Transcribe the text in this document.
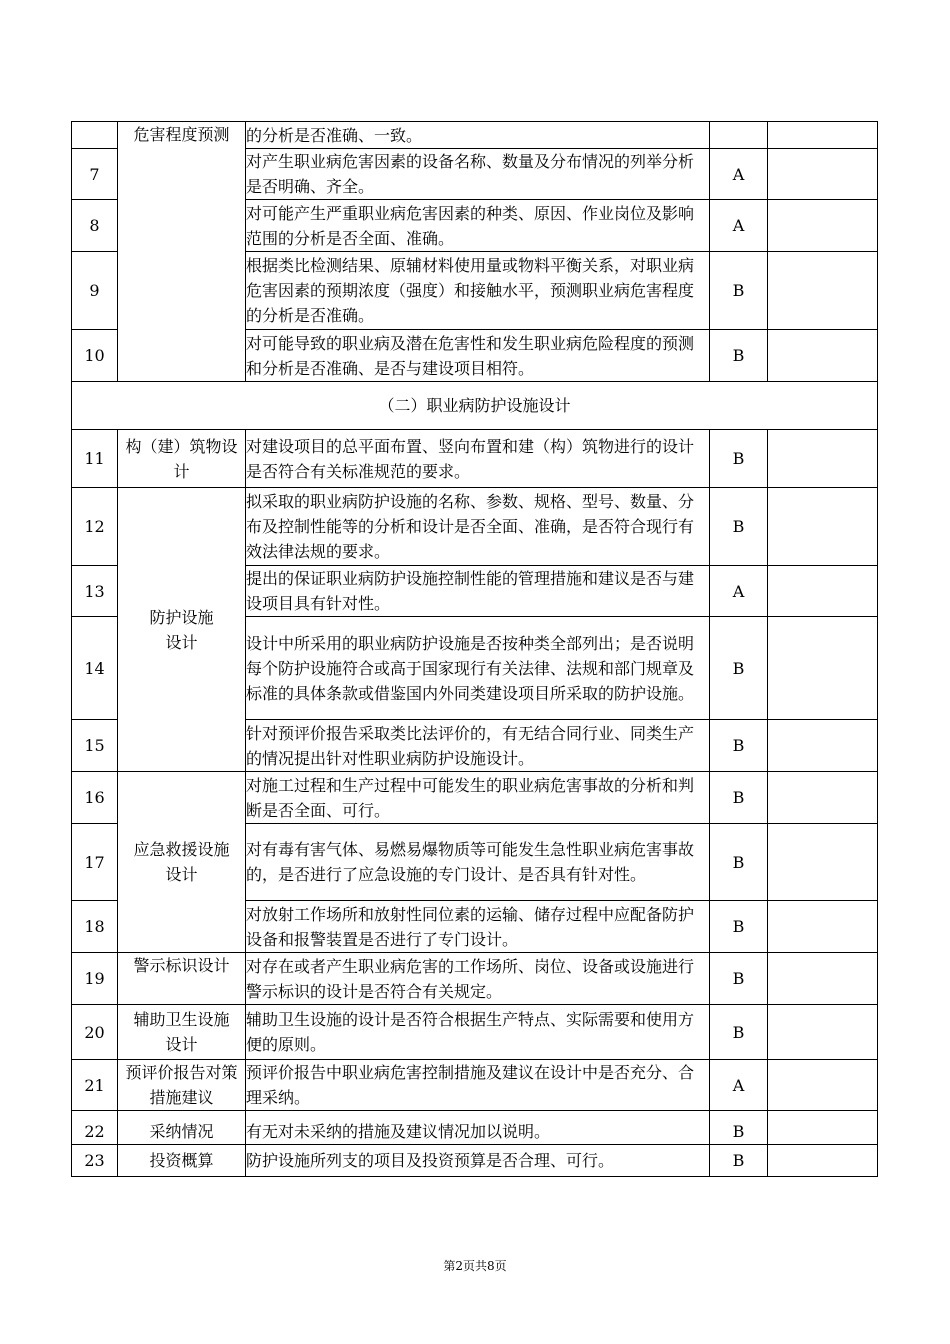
	危害程度预测	的分析是否准确、一致。		
7		对产生职业病危害因素的设备名称、数量及分布情况的列举分析是否明确、齐全。	A	
8		对可能产生严重职业病危害因素的种类、原因、作业岗位及影响范围的分析是否全面、准确。	A	
9		根据类比检测结果、原辅材料使用量或物料平衡关系，对职业病危害因素的预期浓度（强度）和接触水平，预测职业病危害程度的分析是否准确。	B	
10		对可能导致的职业病及潜在危害性和发生职业病危险程度的预测和分析是否准确、是否与建设项目相符。	B	
（二）职业病防护设施设计				
11	构（建）筑物设计	对建设项目的总平面布置、竖向布置和建（构）筑物进行的设计是否符合有关标准规范的要求。	B	
12	防护设施设计	拟采取的职业病防护设施的名称、参数、规格、型号、数量、分布及控制性能等的分析和设计是否全面、准确，是否符合现行有效法律法规的要求。	B	
13		提出的保证职业病防护设施控制性能的管理措施和建议是否与建设项目具有针对性。	A	
14		设计中所采用的职业病防护设施是否按种类全部列出；是否说明每个防护设施符合或高于国家现行有关法律、法规和部门规章及标准的具体条款或借鉴国内外同类建设项目所采取的防护设施。	B	
15		针对预评价报告采取类比法评价的，有无结合同行业、同类生产的情况提出针对性职业病防护设施设计。	B	
16	应急救援设施设计	对施工过程和生产过程中可能发生的职业病危害事故的分析和判断是否全面、可行。	B	
17		对有毒有害气体、易燃易爆物质等可能发生急性职业病危害事故的，是否进行了应急设施的专门设计、是否具有针对性。	B	
18		对放射工作场所和放射性同位素的运输、储存过程中应配备防护设备和报警装置是否进行了专门设计。	B	
19	警示标识设计	对存在或者产生职业病危害的工作场所、岗位、设备或设施进行警示标识的设计是否符合有关规定。	B	
20	辅助卫生设施设计	辅助卫生设施的设计是否符合根据生产特点、实际需要和使用方便的原则。	B	
21	预评价报告对策措施建议	预评价报告中职业病危害控制措施及建议在设计中是否充分、合理采纳。	A	
22	采纳情况	有无对未采纳的措施及建议情况加以说明。	B	
23	投资概算	防护设施所列支的项目及投资预算是否合理、可行。	B	
第2页共8页
